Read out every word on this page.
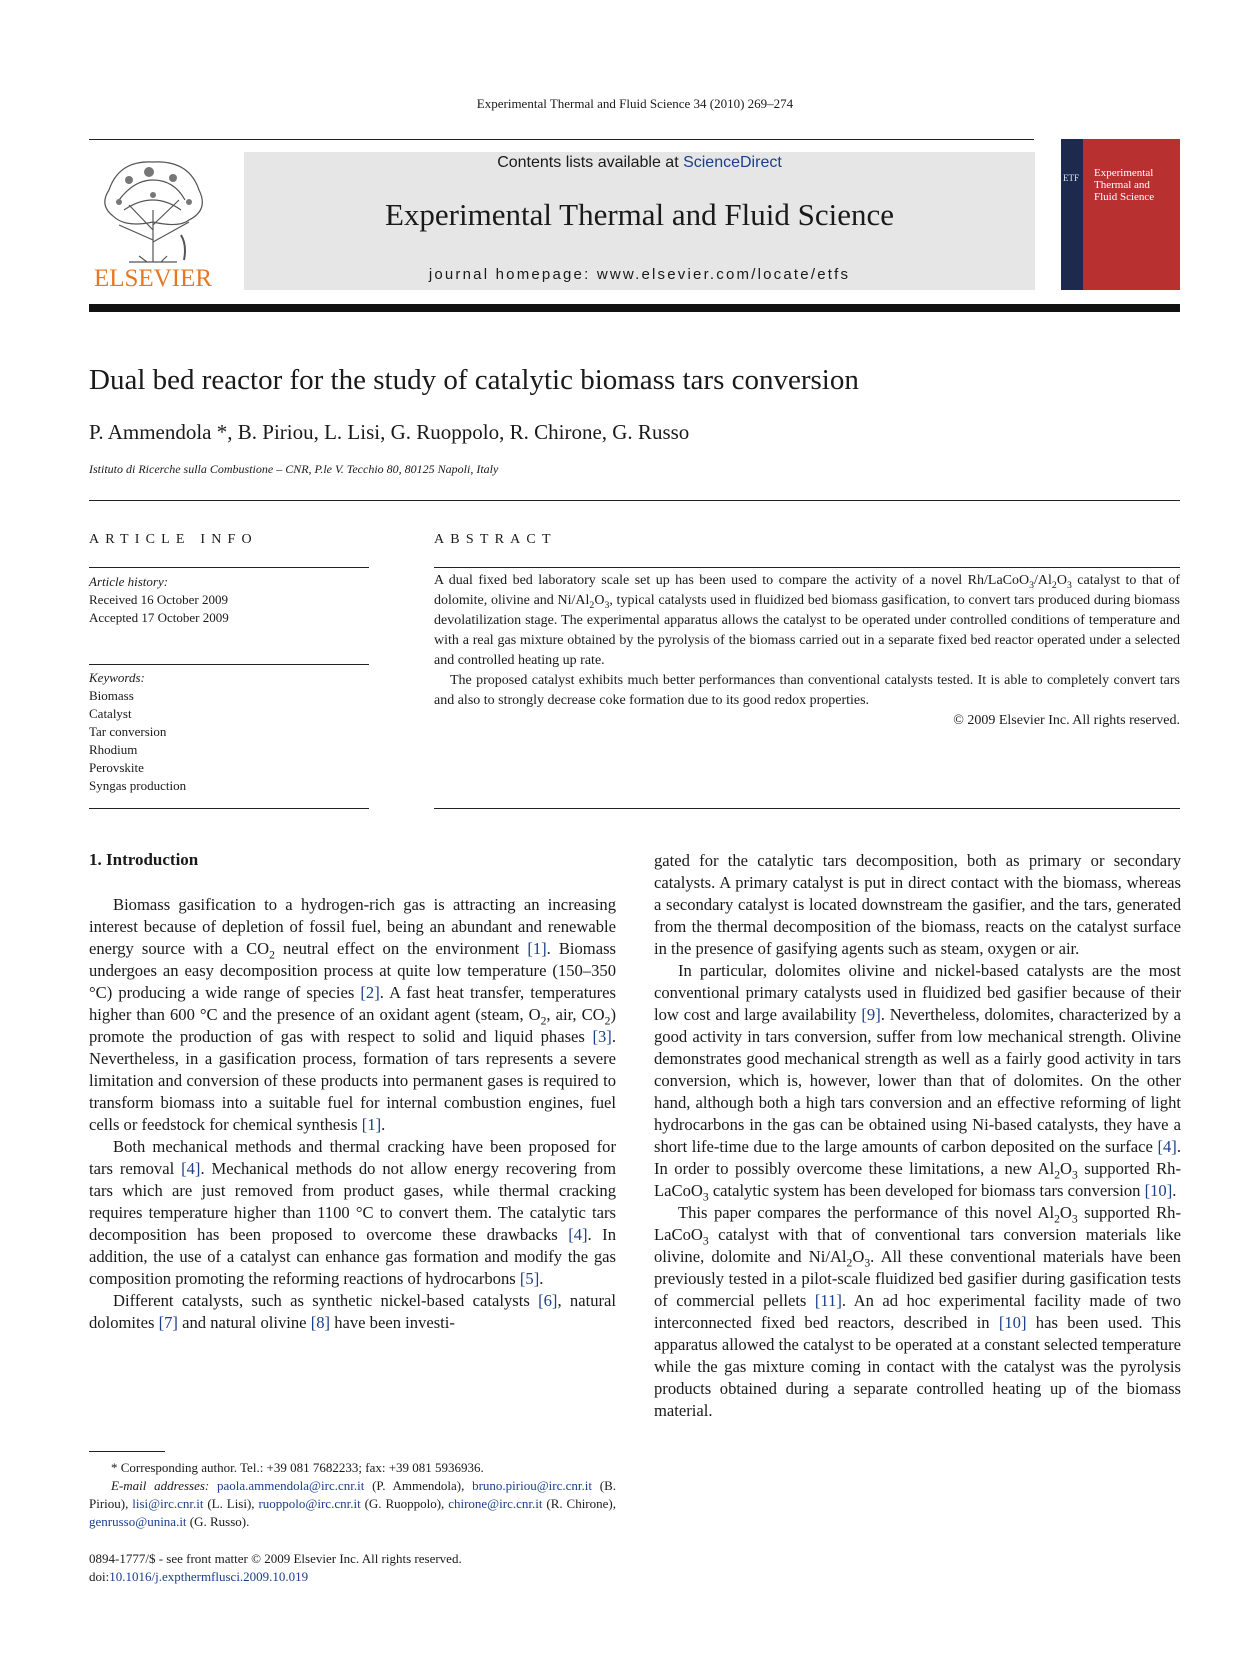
Experimental Thermal and Fluid Science 34 (2010) 269–274
ELSEVIER
Contents lists available at ScienceDirect
Experimental Thermal and Fluid Science
journal homepage: www.elsevier.com/locate/etfs
ETF Experimental Thermal and Fluid Science
Dual bed reactor for the study of catalytic biomass tars conversion
P. Ammendola *, B. Piriou, L. Lisi, G. Ruoppolo, R. Chirone, G. Russo
Istituto di Ricerche sulla Combustione – CNR, P.le V. Tecchio 80, 80125 Napoli, Italy
ARTICLE INFO
Article history:
Received 16 October 2009
Accepted 17 October 2009
Keywords:
Biomass
Catalyst
Tar conversion
Rhodium
Perovskite
Syngas production
ABSTRACT

A dual fixed bed laboratory scale set up has been used to compare the activity of a novel $Rh/LaCoO_3/Al_2O_3$ catalyst to that of dolomite, olivine and $Ni/Al_2O_3$, typical catalysts used in fluidized bed biomass gasification, to convert tars produced during biomass devolatilization stage. The experimental apparatus allows the catalyst to be operated under controlled conditions of temperature and with a real gas mixture obtained by the pyrolysis of the biomass carried out in a separate fixed bed reactor operated under a selected and controlled heating up rate.

The proposed catalyst exhibits much better performances than conventional catalysts tested. It is able to completely convert tars and also to strongly decrease coke formation due to its good redox properties.

© 2009 Elsevier Inc. All rights reserved.

1. Introduction

Biomass gasification to a hydrogen-rich gas is attracting an increasing interest because of depletion of fossil fuel, being an abundant and renewable energy source with a $CO_2$ neutral effect on the environment [1]. Biomass undergoes an easy decomposition process at quite low temperature (150–350 °C) producing a wide range of species [2]. A fast heat transfer, temperatures higher than 600 °C and the presence of an oxidant agent (steam, $O_2$, air, $CO_2$) promote the production of gas with respect to solid and liquid phases [3]. Nevertheless, in a gasification process, formation of tars represents a severe limitation and conversion of these products into permanent gases is required to transform biomass into a suitable fuel for internal combustion engines, fuel cells or feedstock for chemical synthesis [1].

Both mechanical methods and thermal cracking have been proposed for tars removal [4]. Mechanical methods do not allow energy recovering from tars which are just removed from product gases, while thermal cracking requires temperature higher than 1100 °C to convert them. The catalytic tars decomposition has been proposed to overcome these drawbacks [4]. In addition, the use of a catalyst can enhance gas formation and modify the gas composition promoting the reforming reactions of hydrocarbons [5].

Different catalysts, such as synthetic nickel-based catalysts [6], natural dolomites [7] and natural olivine [8] have been investi-

gated for the catalytic tars decomposition, both as primary or secondary catalysts. A primary catalyst is put in direct contact with the biomass, whereas a secondary catalyst is located downstream the gasifier, and the tars, generated from the thermal decomposition of the biomass, reacts on the catalyst surface in the presence of gasifying agents such as steam, oxygen or air.

In particular, dolomites olivine and nickel-based catalysts are the most conventional primary catalysts used in fluidized bed gasifier because of their low cost and large availability [9]. Nevertheless, dolomites, characterized by a good activity in tars conversion, suffer from low mechanical strength. Olivine demonstrates good mechanical strength as well as a fairly good activity in tars conversion, which is, however, lower than that of dolomites. On the other hand, although both a high tars conversion and an effective reforming of light hydrocarbons in the gas can be obtained using Ni-based catalysts, they have a short life-time due to the large amounts of carbon deposited on the surface [4]. In order to possibly overcome these limitations, a new $Al_2O_3$ supported Rh-LaCoO$_3$ catalytic system has been developed for biomass tars conversion [10].

This paper compares the performance of this novel $Al_2O_3$ supported Rh-LaCoO$_3$ catalyst with that of conventional tars conversion materials like olivine, dolomite and $Ni/Al_2O_3$. All these conventional materials have been previously tested in a pilot-scale fluidized bed gasifier during gasification tests of commercial pellets [11]. An ad hoc experimental facility made of two interconnected fixed bed reactors, described in [10] has been used. This apparatus allowed the catalyst to be operated at a constant selected temperature while the gas mixture coming in contact with the catalyst was the pyrolysis products obtained during a separate controlled heating up of the biomass material.

* Corresponding author. Tel.: +39 081 7682233; fax: +39 081 5936936.

E-mail addresses: paola.ammendola@irc.cnr.it (P. Ammendola), bruno.piriou@irc.cnr.it (B. Piriou), lisi@irc.cnr.it (L. Lisi), ruoppolo@irc.cnr.it (G. Ruoppolo), chirone@irc.cnr.it (R. Chirone), genrusso@unina.it (G. Russo).

0894-1777/$ - see front matter © 2009 Elsevier Inc. All rights reserved.
doi:10.1016/j.expthermflusci.2009.10.019
